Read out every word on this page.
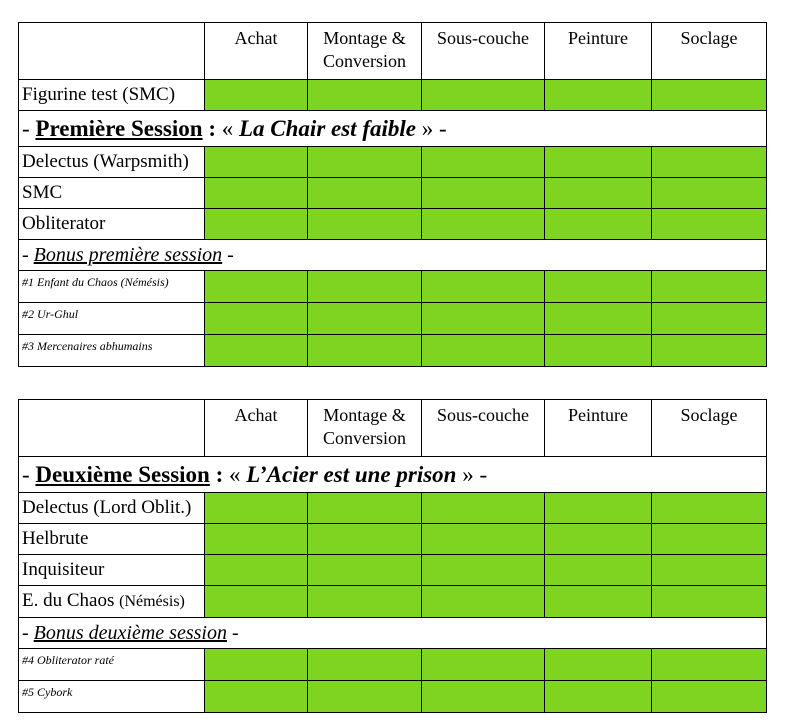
	Achat	Montage & Conversion	Sous-couche	Peinture	Soclage
Figurine test (SMC)					
- Première Session : « La Chair est faible » -					
Delectus (Warpsmith)					
SMC					
Obliterator					
- Bonus première session -					
#1 Enfant du Chaos (Némésis)					
#2 Ur-Ghul					
#3 Mercenaires abhumains					
	Achat	Montage & Conversion	Sous-couche	Peinture	Soclage
- Deuxième Session : « L’Acier est une prison » -					
Delectus (Lord Oblit.)					
Helbrute					
Inquisiteur					
E. du Chaos (Némésis)					
- Bonus deuxième session -					
#4 Obliterator raté					
#5 Cybork					
